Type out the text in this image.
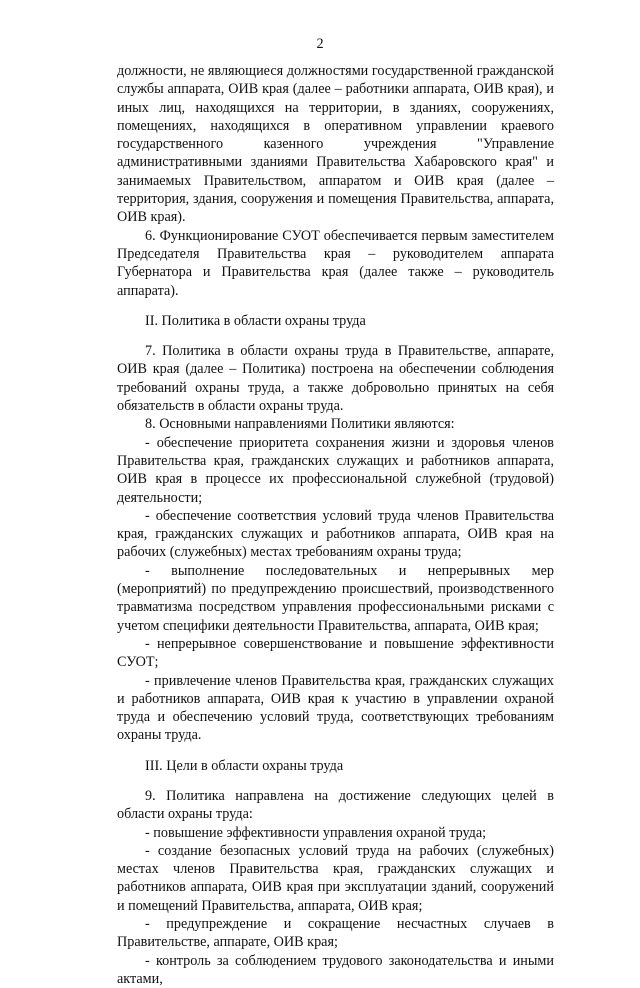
2

должности, не являющиеся должностями государственной гражданской службы аппарата, ОИВ края (далее – работники аппарата, ОИВ края), и иных лиц, находящихся на территории, в зданиях, сооружениях, помещениях, находящихся в оперативном управлении краевого государственного казенного учреждения "Управление административными зданиями Правительства Хабаровского края" и занимаемых Правительством, аппаратом и ОИВ края (далее – территория, здания, сооружения и помещения Правительства, аппарата, ОИВ края).

6. Функционирование СУОТ обеспечивается первым заместителем Председателя Правительства края – руководителем аппарата Губернатора и Правительства края (далее также – руководитель аппарата).

II. Политика в области охраны труда

7. Политика в области охраны труда в Правительстве, аппарате, ОИВ края (далее – Политика) построена на обеспечении соблюдения требований охраны труда, а также добровольно принятых на себя обязательств в области охраны труда.

8. Основными направлениями Политики являются:

- обеспечение приоритета сохранения жизни и здоровья членов Правительства края, гражданских служащих и работников аппарата, ОИВ края в процессе их профессиональной служебной (трудовой) деятельности;

- обеспечение соответствия условий труда членов Правительства края, гражданских служащих и работников аппарата, ОИВ края на рабочих (служебных) местах требованиям охраны труда;

- выполнение последовательных и непрерывных мер (мероприятий) по предупреждению происшествий, производственного травматизма посредством управления профессиональными рисками с учетом специфики деятельности Правительства, аппарата, ОИВ края;

- непрерывное совершенствование и повышение эффективности СУОТ;

- привлечение членов Правительства края, гражданских служащих и работников аппарата, ОИВ края к участию в управлении охраной труда и обеспечению условий труда, соответствующих требованиям охраны труда.

III. Цели в области охраны труда

9. Политика направлена на достижение следующих целей в области охраны труда:

- повышение эффективности управления охраной труда;

- создание безопасных условий труда на рабочих (служебных) местах членов Правительства края, гражданских служащих и работников аппарата, ОИВ края при эксплуатации зданий, сооружений и помещений Правительства, аппарата, ОИВ края;

- предупреждение и сокращение несчастных случаев в Правительстве, аппарате, ОИВ края;

- контроль за соблюдением трудового законодательства и иными актами,
